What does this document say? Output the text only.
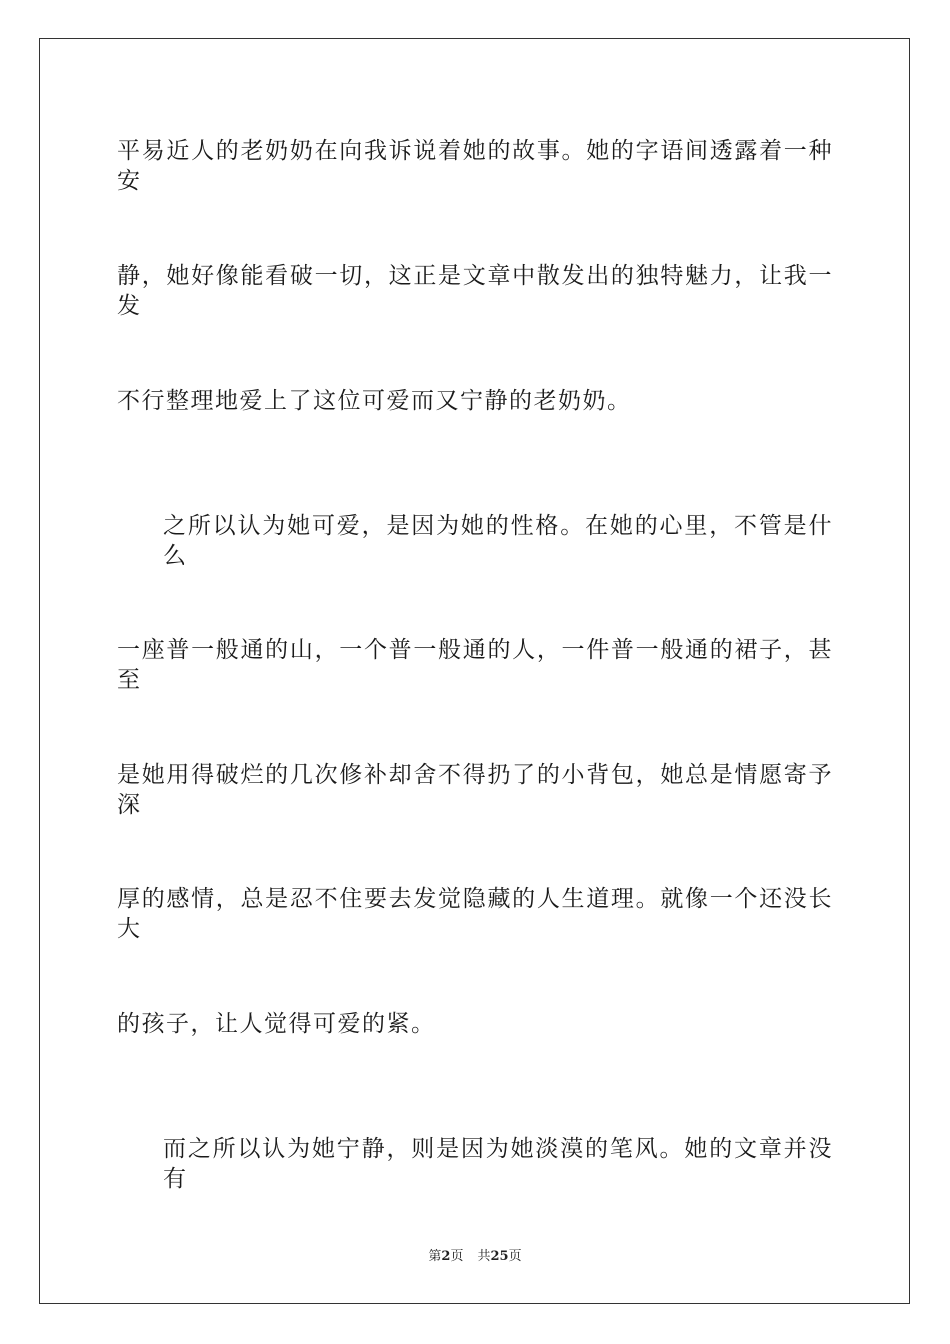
平易近人的老奶奶在向我诉说着她的故事。她的字语间透露着一种安
静，她好像能看破一切，这正是文章中散发出的独特魅力，让我一发
不行整理地爱上了这位可爱而又宁静的老奶奶。
之所以认为她可爱，是因为她的性格。在她的心里，不管是什么
一座普一般通的山，一个普一般通的人，一件普一般通的裙子，甚至
是她用得破烂的几次修补却舍不得扔了的小背包，她总是情愿寄予深
厚的感情，总是忍不住要去发觉隐藏的人生道理。就像一个还没长大
的孩子，让人觉得可爱的紧。
而之所以认为她宁静，则是因为她淡漠的笔风。她的文章并没有
第2页 共25页
